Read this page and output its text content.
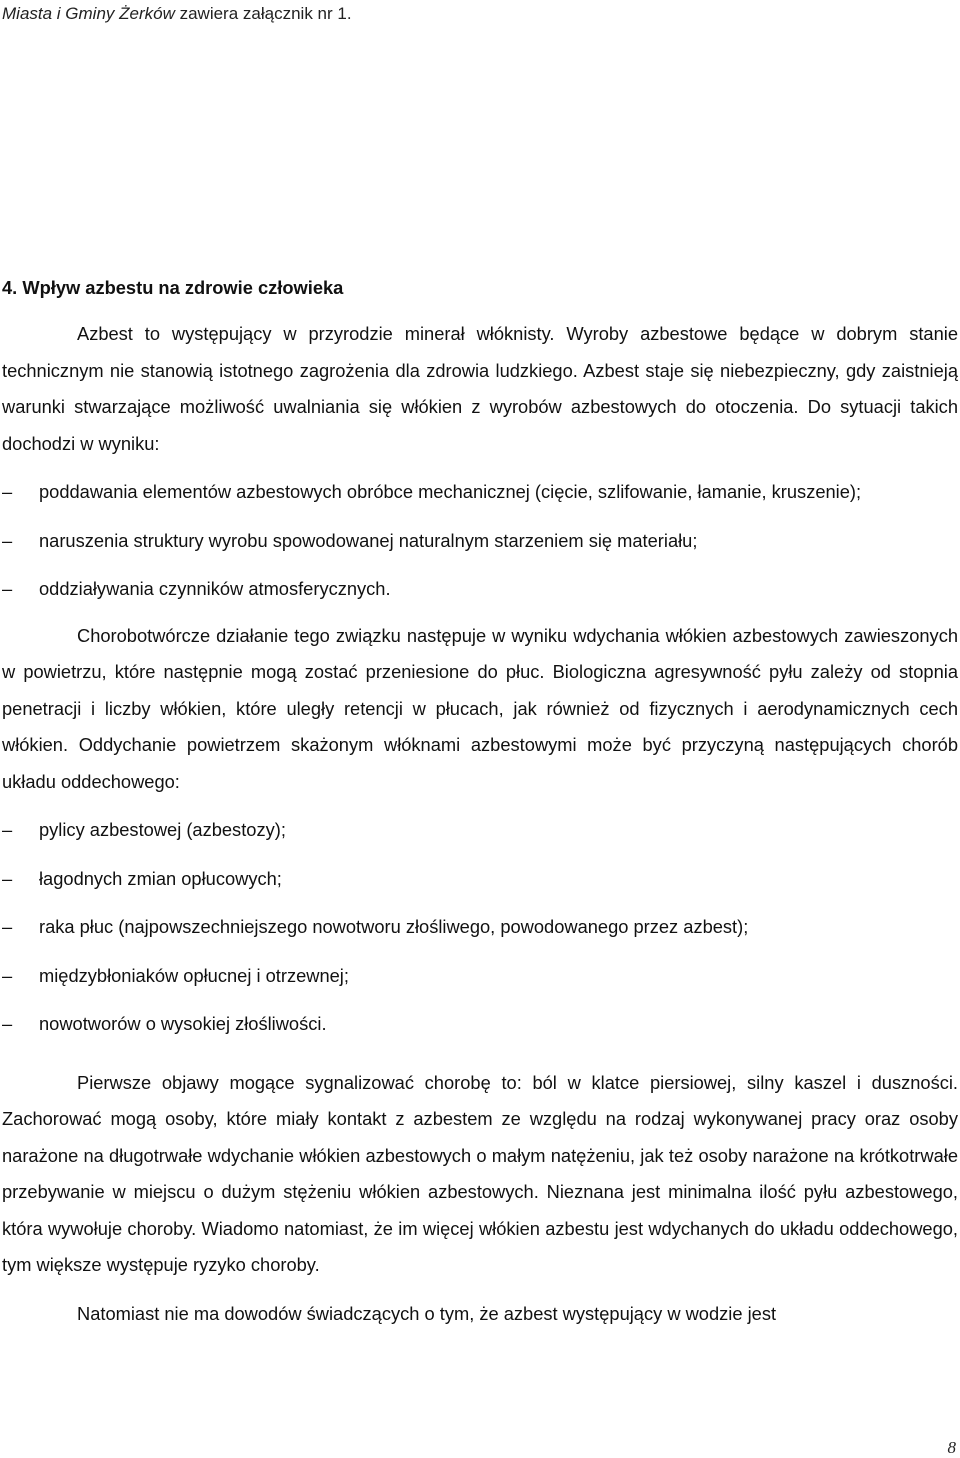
Miasta i Gminy Żerków zawiera załącznik nr 1.
4. Wpływ azbestu na zdrowie człowieka

Azbest to występujący w przyrodzie minerał włóknisty. Wyroby azbestowe będące w dobrym stanie technicznym nie stanowią istotnego zagrożenia dla zdrowia ludzkiego. Azbest staje się niebezpieczny, gdy zaistnieją warunki stwarzające możliwość uwalniania się włókien z wyrobów azbestowych do otoczenia. Do sytuacji takich dochodzi w wyniku:

– poddawania elementów azbestowych obróbce mechanicznej (cięcie, szlifowanie, łamanie, kruszenie);
– naruszenia struktury wyrobu spowodowanej naturalnym starzeniem się materiału;
– oddziaływania czynników atmosferycznych.

Chorobotwórcze działanie tego związku następuje w wyniku wdychania włókien azbestowych zawieszonych w powietrzu, które następnie mogą zostać przeniesione do płuc. Biologiczna agresywność pyłu zależy od stopnia penetracji i liczby włókien, które uległy retencji w płucach, jak również od fizycznych i aerodynamicznych cech włókien. Oddychanie powietrzem skażonym włóknami azbestowymi może być przyczyną następujących chorób układu oddechowego:

– pylicy azbestowej (azbestozy);
– łagodnych zmian opłucowych;
– raka płuc (najpowszechniejszego nowotworu złośliwego, powodowanego przez azbest);
– międzybłoniaków opłucnej i otrzewnej;
– nowotworów o wysokiej złośliwości.

Pierwsze objawy mogące sygnalizować chorobę to: ból w klatce piersiowej, silny kaszel i duszności. Zachorować mogą osoby, które miały kontakt z azbestem ze względu na rodzaj wykonywanej pracy oraz osoby narażone na długotrwałe wdychanie włókien azbestowych o małym natężeniu, jak też osoby narażone na krótkotrwałe przebywanie w miejscu o dużym stężeniu włókien azbestowych. Nieznana jest minimalna ilość pyłu azbestowego, która wywołuje choroby. Wiadomo natomiast, że im więcej włókien azbestu jest wdychanych do układu oddechowego, tym większe występuje ryzyko choroby.

Natomiast nie ma dowodów świadczących o tym, że azbest występujący w wodzie jest

8
